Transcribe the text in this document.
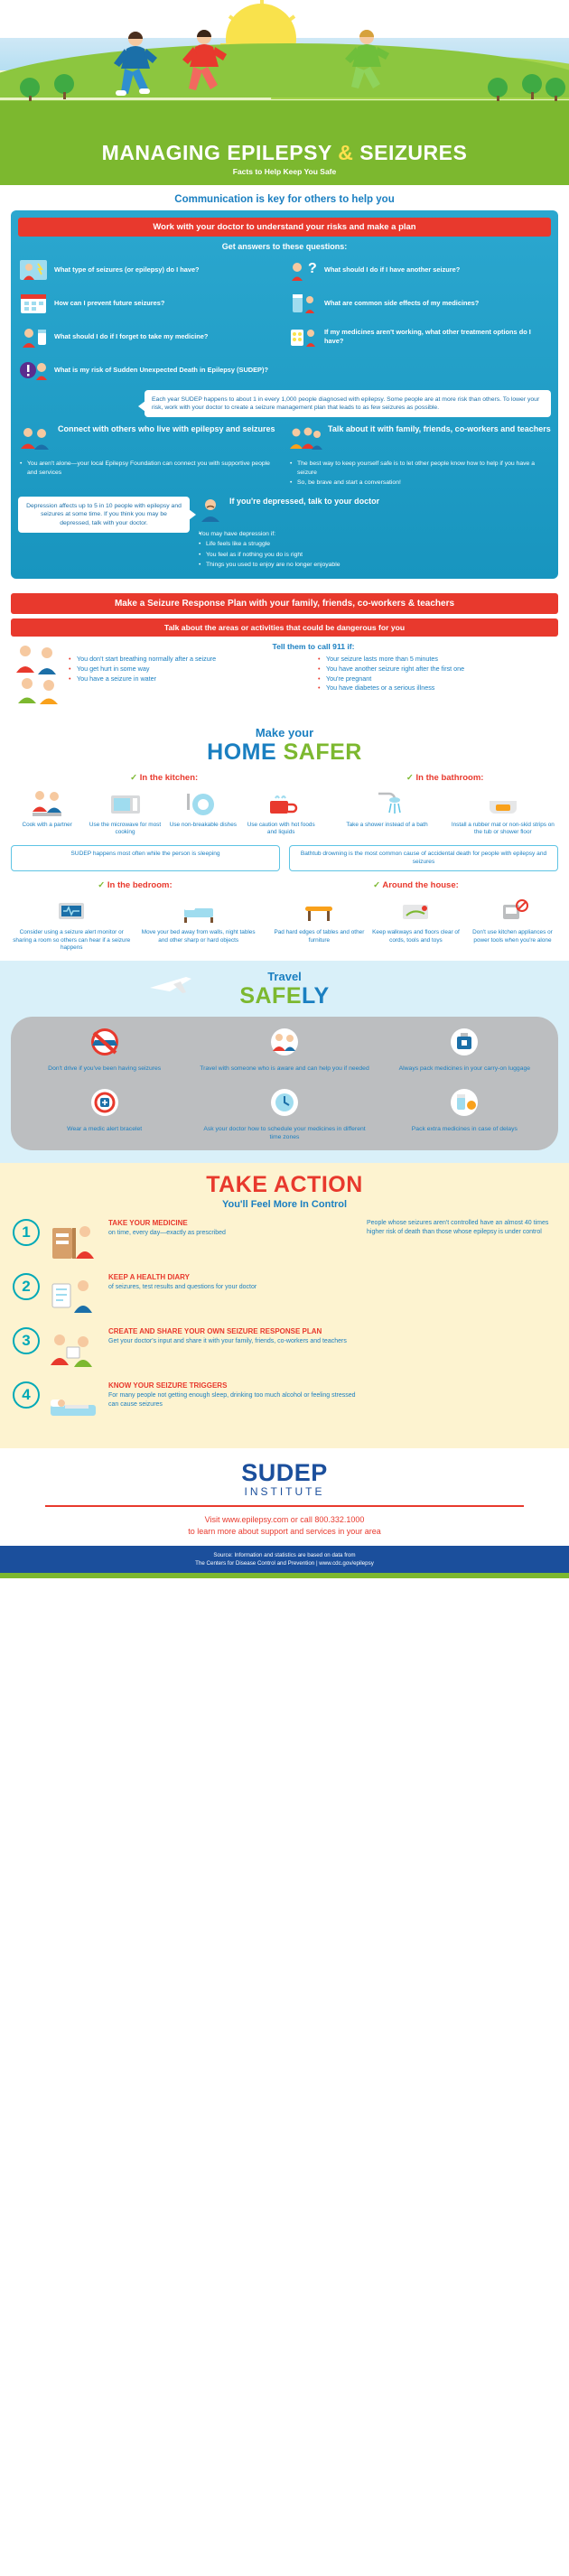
MANAGING EPILEPSY & SEIZURES
Facts to Help Keep You Safe
Communication is key for others to help you
Work with your doctor to understand your risks and make a plan
Get answers to these questions:
What type of seizures (or epilepsy) do I have?
How can I prevent future seizures?
What should I do if I forget to take my medicine?
What is my risk of Sudden Unexpected Death in Epilepsy (SUDEP)?
? What should I do if I have another seizure?
What are common side effects of my medicines?
If my medicines aren't working, what other treatment options do I have?
Each year SUDEP happens to about 1 in every 1,000 people diagnosed with epilepsy. Some people are at more risk than others. To lower your risk, work with your doctor to create a seizure management plan that leads to as few seizures as possible.
Connect with others who live with epilepsy and seizures
• You aren't alone—your local Epilepsy Foundation can connect you with supportive people and services
Talk about it with family, friends, co-workers and teachers
• The best way to keep yourself safe is to let other people know how to help if you have a seizure
• So, be brave and start a conversation!
Depression affects up to 5 in 10 people with epilepsy and seizures at some time. If you think you may be depressed, talk with your doctor.
If you're depressed, talk to your doctor
• You may have depression if:
• Life feels like a struggle
• You feel as if nothing you do is right
• Things you used to enjoy are no longer enjoyable
Make a Seizure Response Plan with your family, friends, co-workers & teachers
Talk about the areas or activities that could be dangerous for you
Tell them to call 911 if:
• You don't start breathing normally after a seizure
• You get hurt in some way
• You have a seizure in water
• Your seizure lasts more than 5 minutes
• You have another seizure right after the first one
• You're pregnant
• You have diabetes or a serious illness
Make your
HOME SAFER
✓ In the kitchen:
Cook with a partner	Use the microwave for most cooking
Use non-breakable dishes	Use caution with hot foods and liquids
✓ In the bathroom:
Take a shower instead of a bath	Install a rubber mat or non-skid strips on the tub or shower floor
SUDEP happens most often while the person is sleeping	Bathtub drowning is the most common cause of accidental death for people with epilepsy and seizures
✓ In the bedroom:
Consider using a seizure alert monitor or sharing a room so others can hear if a seizure happens
Move your bed away from walls, night tables and other sharp or hard objects
✓ Around the house:
Pad hard edges of tables and other furniture
Keep walkways and floors clear of cords, tools and toys
Don't use kitchen appliances or power tools when you're alone
Travel
SAFELY
Don't drive if you've been having seizures	Travel with someone who is aware and can help you if needed	Always pack medicines in your carry-on luggage
Wear a medic alert bracelet	Ask your doctor how to schedule your medicines in different time zones
Pack extra medicines in case of delays
TAKE ACTION
You'll Feel More In Control
1
TAKE YOUR MEDICINE
on time, every day—exactly as prescribed
People whose seizures aren't controlled have an almost 40 times higher risk of death than those whose epilepsy is under control
2
KEEP A HEALTH DIARY
of seizures, test results and questions for your doctor
3
CREATE AND SHARE YOUR OWN SEIZURE RESPONSE PLAN
Get your doctor's input and share it with your family, friends, co-workers and teachers
4
KNOW YOUR SEIZURE TRIGGERS
For many people not getting enough sleep, drinking too much alcohol or feeling stressed can cause seizures
SUDEP
INSTITUTE
Visit www.epilepsy.com or call 800.332.1000
to learn more about support and services in your area
Source: Information and statistics are based on data from
The Centers for Disease Control and Prevention | www.cdc.gov/epilepsy
